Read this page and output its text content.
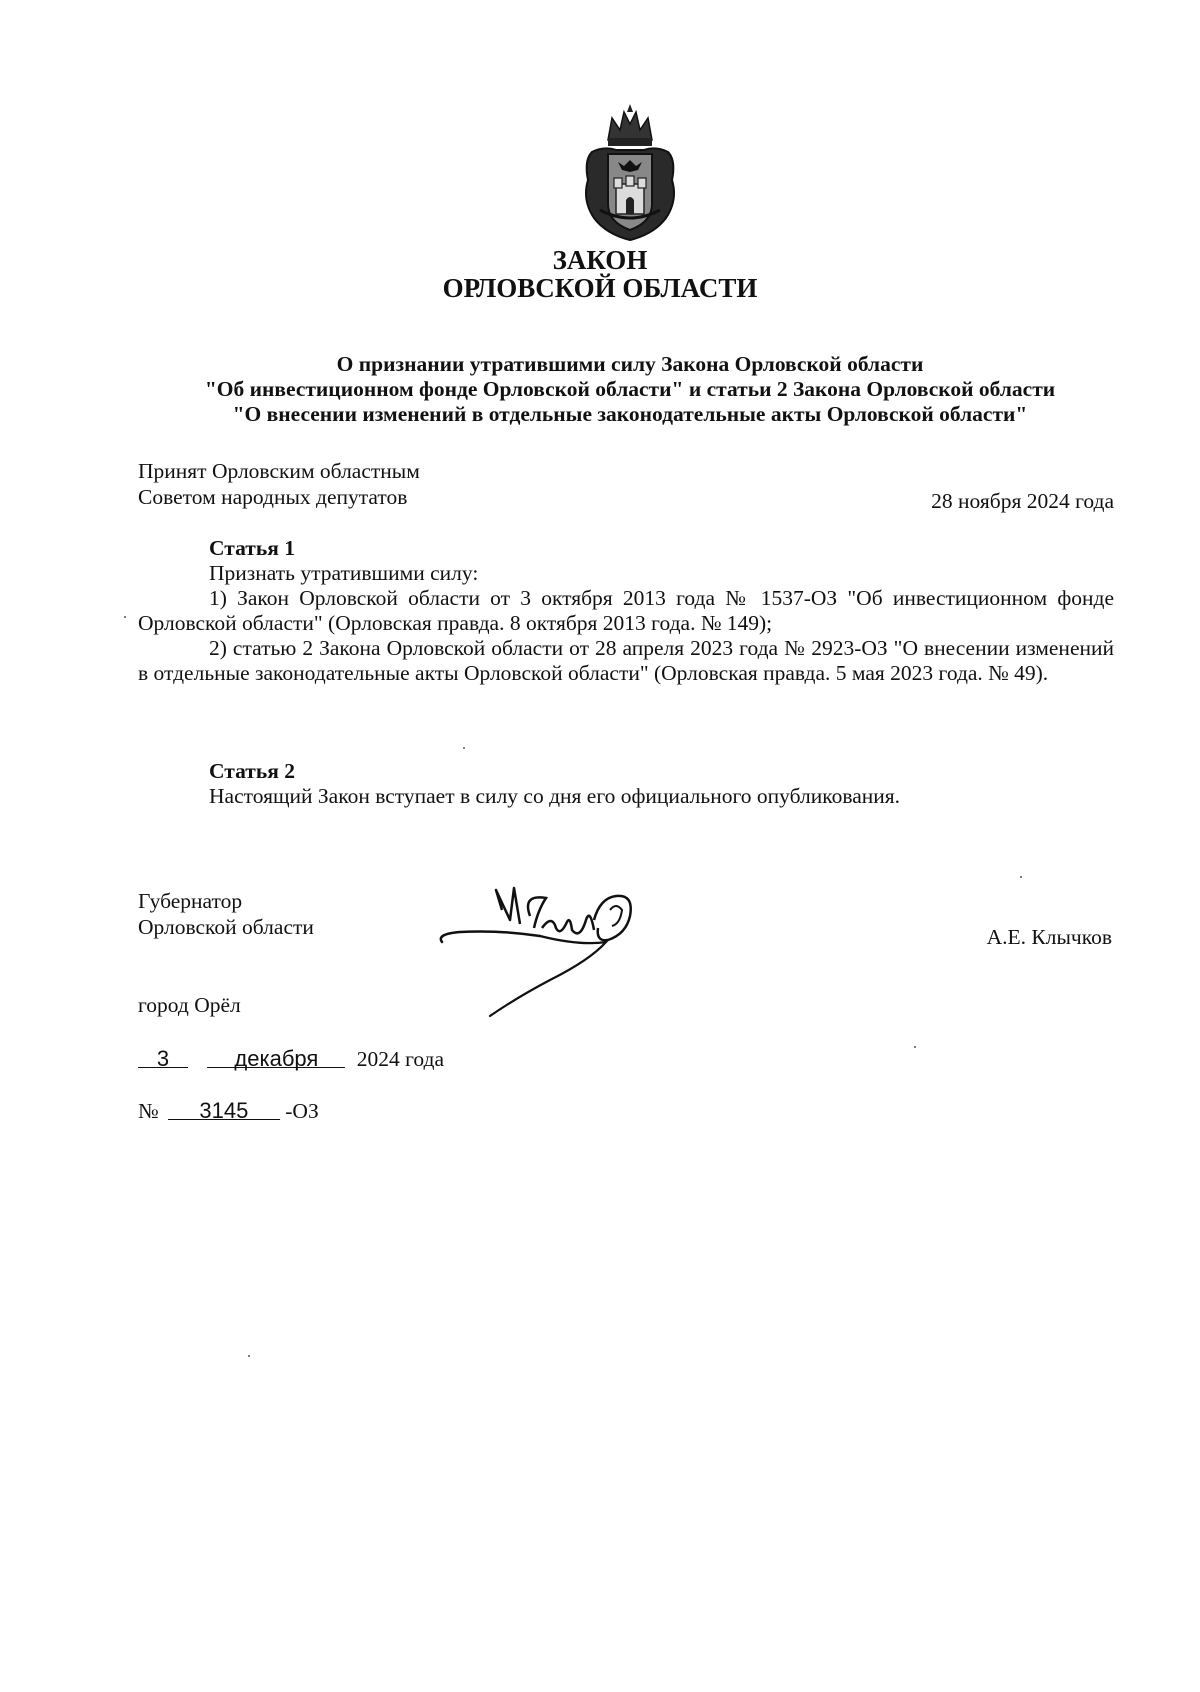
ЗАКОН
ОРЛОВСКОЙ ОБЛАСТИ
О признании утратившими силу Закона Орловской области
"Об инвестиционном фонде Орловской области" и статьи 2 Закона Орловской области
"О внесении изменений в отдельные законодательные акты Орловской области"
Принят Орловским областным
Советом народных депутатов	28 ноября 2024 года

Статья 1

Признать утратившими силу:

1) Закон Орловской области от 3 октября 2013 года № 1537-ОЗ "Об инвестиционном фонде Орловской области" (Орловская правда. 8 октября 2013 года. № 149);

2) статью 2 Закона Орловской области от 28 апреля 2023 года № 2923-ОЗ "О внесении изменений в отдельные законодательные акты Орловской области" (Орловская правда. 5 мая 2023 года. № 49).

Статья 2

Настоящий Закон вступает в силу со дня его официального опубликования.

Губернатор
Орловской области	А.Е. Клычков
город Орёл
3	декабря 2024 года
№ 3145 -ОЗ
